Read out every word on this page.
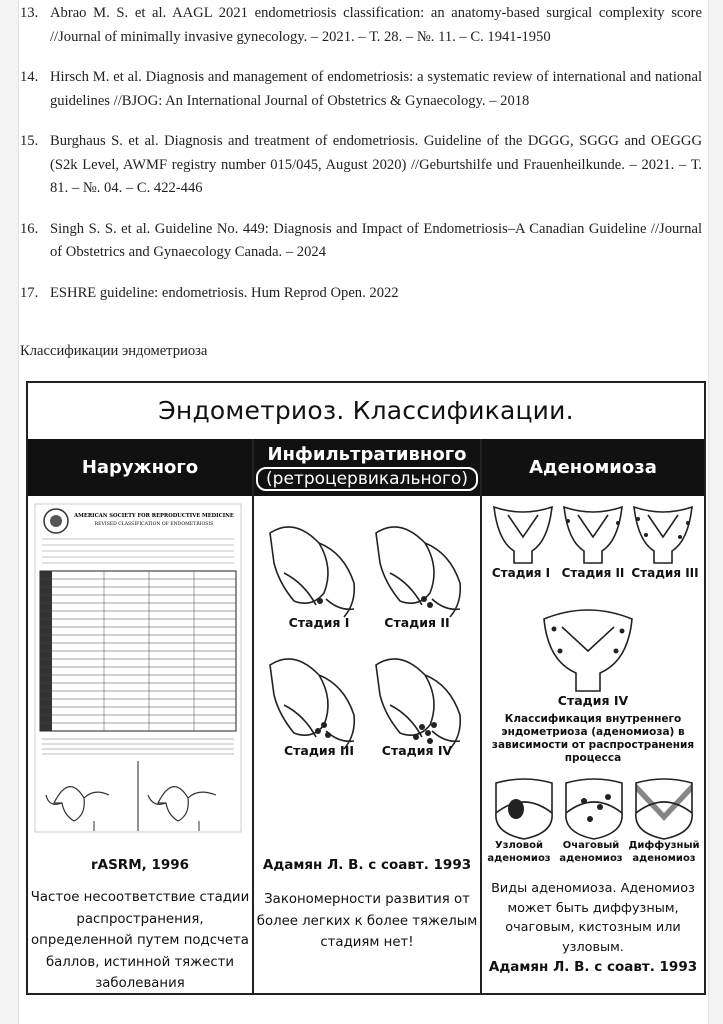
13. Abrao M. S. et al. AAGL 2021 endometriosis classification: an anatomy-based surgical complexity score //Journal of minimally invasive gynecology. – 2021. – Т. 28. – №. 11. – С. 1941-1950
14. Hirsch M. et al. Diagnosis and management of endometriosis: a systematic review of international and national guidelines //BJOG: An International Journal of Obstetrics & Gynaecology. – 2018
15. Burghaus S. et al. Diagnosis and treatment of endometriosis. Guideline of the DGGG, SGGG and OEGGG (S2k Level, AWMF registry number 015/045, August 2020) //Geburtshilfe und Frauenheilkunde. – 2021. – Т. 81. – №. 04. – С. 422-446
16. Singh S. S. et al. Guideline No. 449: Diagnosis and Impact of Endometriosis–A Canadian Guideline //Journal of Obstetrics and Gynaecology Canada. – 2024
17. ESHRE guideline: endometriosis. Hum Reprod Open. 2022
Классификации эндометриоза
Эндометриоз. Классификации.
Наружного
AMERICAN SOCIETY FOR REPRODUCTIVE MEDICINE
REVISED CLASSIFICATION OF ENDOMETRIOSIS
rASRM, 1996
Частое несоответствие стадии распространения, определенной путем подсчета баллов, истинной тяжести заболевания
Инфильтративного
(ретроцервикального)
Стадия I	Стадия II
Стадия III	Стадия IV
Адамян Л. В. с соавт. 1993
Закономерности развития от более легких к более тяжелым стадиям нет!
Аденомиоза
Стадия I Стадия II Стадия III
Стадия IV
Классификация внутреннего эндометриоза (аденомиоза) в зависимости от распространения процесса
Узловой аденомиоз
Очаговый аденомиоз
Диффузный аденомиоз
Виды аденомиоза. Аденомиоз может быть диффузным, очаговым, кистозным или узловым.
Адамян Л. В. с соавт. 1993
